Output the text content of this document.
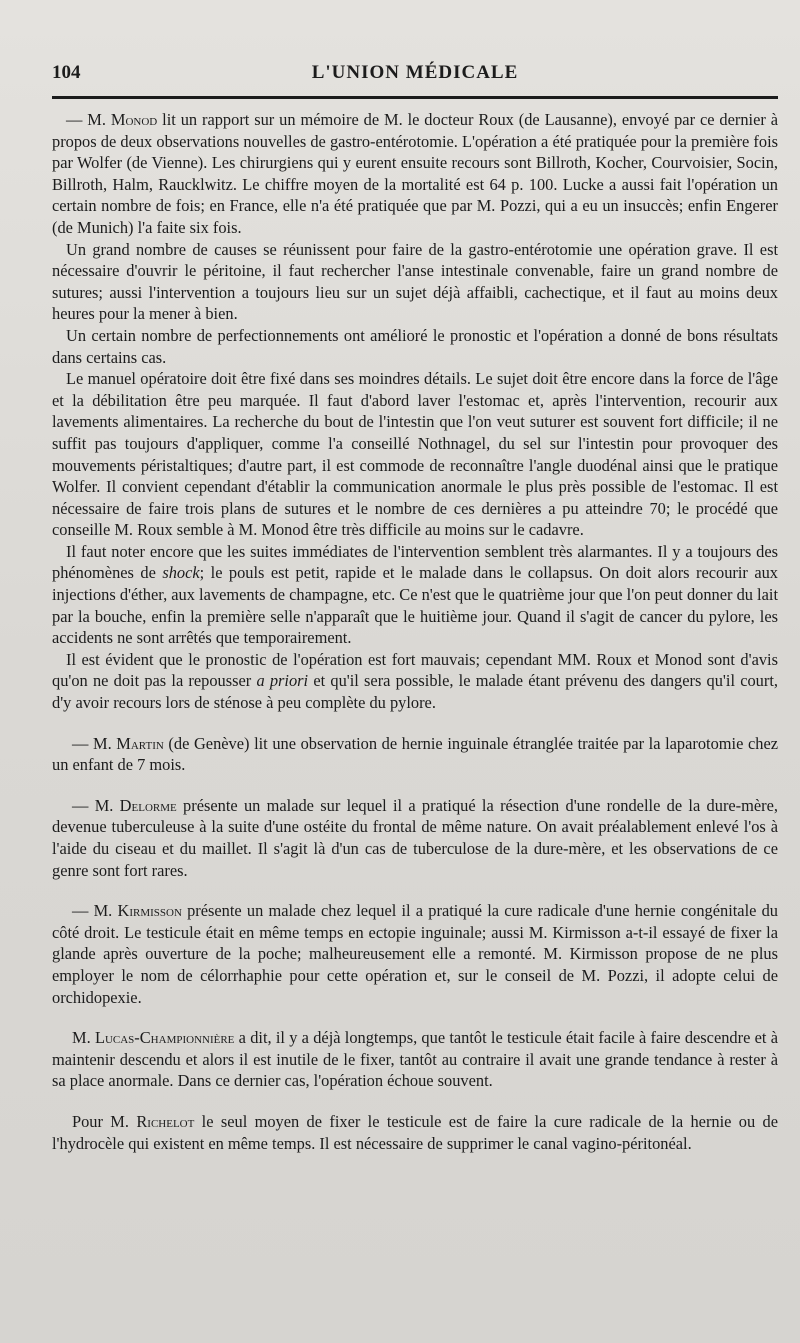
104	L'UNION MÉDICALE

— M. Monod lit un rapport sur un mémoire de M. le docteur Roux (de Lausanne), envoyé par ce dernier à propos de deux observations nouvelles de gastro-entérotomie. L'opération a été pratiquée pour la première fois par Wolfer (de Vienne). Les chirurgiens qui y eurent ensuite recours sont Billroth, Kocher, Courvoisier, Socin, Billroth, Halm, Raucklwitz. Le chiffre moyen de la mortalité est 64 p. 100. Lucke a aussi fait l'opération un certain nombre de fois; en France, elle n'a été pratiquée que par M. Pozzi, qui a eu un insuccès; enfin Engerer (de Munich) l'a faite six fois.

Un grand nombre de causes se réunissent pour faire de la gastro-entérotomie une opération grave. Il est nécessaire d'ouvrir le péritoine, il faut rechercher l'anse intestinale convenable, faire un grand nombre de sutures; aussi l'intervention a toujours lieu sur un sujet déjà affaibli, cachectique, et il faut au moins deux heures pour la mener à bien.

Un certain nombre de perfectionnements ont amélioré le pronostic et l'opération a donné de bons résultats dans certains cas.

Le manuel opératoire doit être fixé dans ses moindres détails. Le sujet doit être encore dans la force de l'âge et la débilitation être peu marquée. Il faut d'abord laver l'estomac et, après l'intervention, recourir aux lavements alimentaires. La recherche du bout de l'intestin que l'on veut suturer est souvent fort difficile; il ne suffit pas toujours d'appliquer, comme l'a conseillé Nothnagel, du sel sur l'intestin pour provoquer des mouvements péristaltiques; d'autre part, il est commode de reconnaître l'angle duodénal ainsi que le pratique Wolfer. Il convient cependant d'établir la communication anormale le plus près possible de l'estomac. Il est nécessaire de faire trois plans de sutures et le nombre de ces dernières a pu atteindre 70; le procédé que conseille M. Roux semble à M. Monod être très difficile au moins sur le cadavre.

Il faut noter encore que les suites immédiates de l'intervention semblent très alarmantes. Il y a toujours des phénomènes de shock; le pouls est petit, rapide et le malade dans le collapsus. On doit alors recourir aux injections d'éther, aux lavements de champagne, etc. Ce n'est que le quatrième jour que l'on peut donner du lait par la bouche, enfin la première selle n'apparaît que le huitième jour. Quand il s'agit de cancer du pylore, les accidents ne sont arrêtés que temporairement.

Il est évident que le pronostic de l'opération est fort mauvais; cependant MM. Roux et Monod sont d'avis qu'on ne doit pas la repousser a priori et qu'il sera possible, le malade étant prévenu des dangers qu'il court, d'y avoir recours lors de sténose à peu complète du pylore.

— M. Martin (de Genève) lit une observation de hernie inguinale étranglée traitée par la laparotomie chez un enfant de 7 mois.

— M. Delorme présente un malade sur lequel il a pratiqué la résection d'une rondelle de la dure-mère, devenue tuberculeuse à la suite d'une ostéite du frontal de même nature. On avait préalablement enlevé l'os à l'aide du ciseau et du maillet. Il s'agit là d'un cas de tuberculose de la dure-mère, et les observations de ce genre sont fort rares.

— M. Kirmisson présente un malade chez lequel il a pratiqué la cure radicale d'une hernie congénitale du côté droit. Le testicule était en même temps en ectopie inguinale; aussi M. Kirmisson a-t-il essayé de fixer la glande après ouverture de la poche; malheureusement elle a remonté. M. Kirmisson propose de ne plus employer le nom de célorrhaphie pour cette opération et, sur le conseil de M. Pozzi, il adopte celui de orchidopexie.

M. Lucas-Championnière a dit, il y a déjà longtemps, que tantôt le testicule était facile à faire descendre et à maintenir descendu et alors il est inutile de le fixer, tantôt au contraire il avait une grande tendance à rester à sa place anormale. Dans ce dernier cas, l'opération échoue souvent.

Pour M. Richelot le seul moyen de fixer le testicule est de faire la cure radicale de la hernie ou de l'hydrocèle qui existent en même temps. Il est nécessaire de supprimer le canal vagino-péritonéal.
